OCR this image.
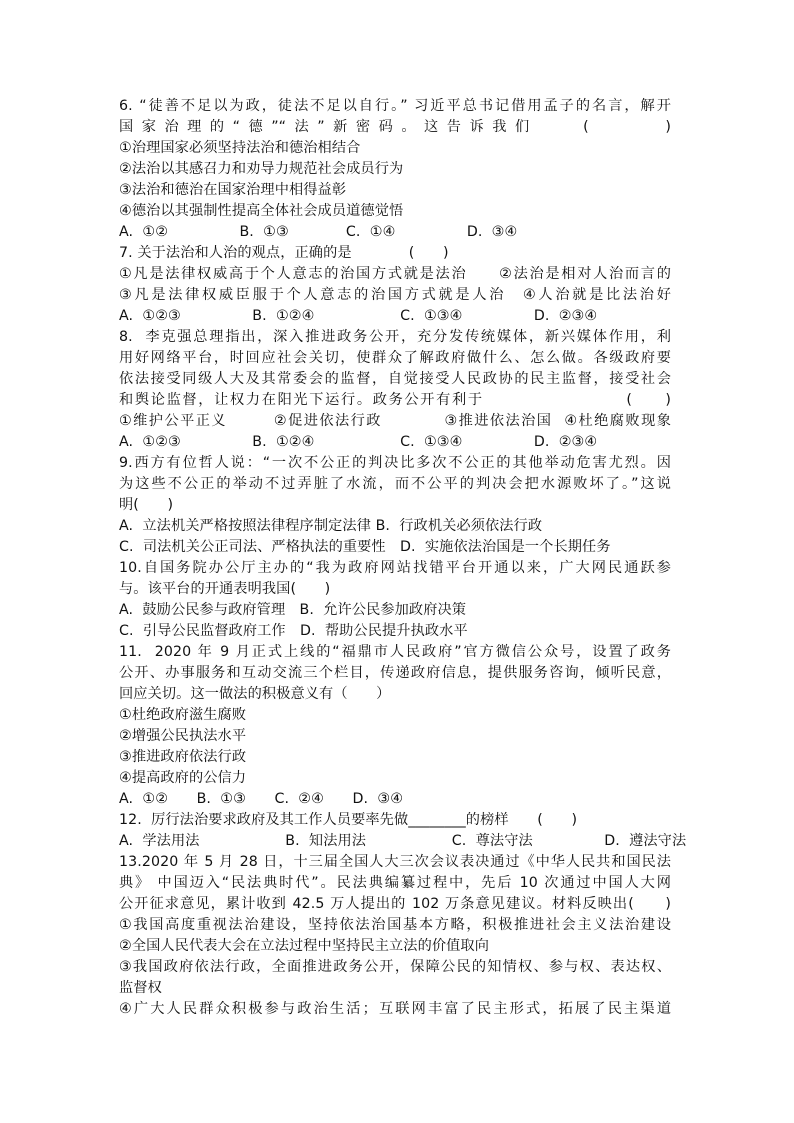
6. “徒善不足以为政，徒法不足以自行。” 习近平总书记借用孟子的名言，解开
国家治理的“德”“法”新密码。这告诉我们　　(　　　)
①治理国家必须坚持法治和德治相结合
②法治以其感召力和劝导力规范社会成员行为
③法治和德治在国家治理中相得益彰
④德治以其强制性提高全体社会成员道德觉悟
A.  ①②　　　　　B.  ①③　　　　C.  ①④　　　　　D.  ③④
7. 关于法治和人治的观点，正确的是　　　　(　　)
①凡是法律权威高于个人意志的治国方式就是法治　　②法治是相对人治而言的
③凡是法律权威臣服于个人意志的治国方式就是人治　④人治就是比法治好
A.  ①②③　　　　　B.  ①②④　　　　　　C.  ①③④　　　　　D.  ②③④
8.  李克强总理指出，深入推进政务公开，充分发传统媒体，新兴媒体作用，利
用好网络平台，时回应社会关切，使群众了解政府做什么、怎么做。各级政府要
依法接受同级人大及其常委会的监督，自觉接受人民政协的民主监督，接受社会
和舆论监督，让权力在阳光下运行。政务公开有利于　　　　　　　　　(　　)
①维护公平正义　　　②促进依法行政　　　　③推进依法治国  ④杜绝腐败现象
A.  ①②③　　　　　B.  ①②④　　　　　　C.  ①③④　　　　　D.  ②③④
9.西方有位哲人说：“一次不公正的判决比多次不公正的其他举动危害尤烈。因
为这些不公正的举动不过弄脏了水流，而不公平的判决会把水源败坏了。”这说
明(　　)
A.  立法机关严格按照法律程序制定法律 B.  行政机关必须依法行政
C.  司法机关公正司法、严格执法的重要性　D.  实施依法治国是一个长期任务
10.自国务院办公厅主办的“我为政府网站找错平台开通以来，广大网民通跃参
与。该平台的开通表明我国(　　)
A.  鼓励公民参与政府管理　B.  允许公民参加政府决策
C.  引导公民监督政府工作　D.  帮助公民提升执政水平
11.  2020 年 9 月正式上线的“福鼎市人民政府”官方微信公众号，设置了政务
公开、办事服务和互动交流三个栏目，传递政府信息，提供服务咨询，倾听民意，
回应关切。这一做法的积极意义有（　　）
①杜绝政府滋生腐败
②增强公民执法水平
③推进政府依法行政
④提高政府的公信力
A.  ①②　　B.  ①③　　C.  ②④　　D.  ③④
12.  厉行法治要求政府及其工作人员要率先做________的榜样　　(　　)
A.  学法用法　　　　　　B.  知法用法　　　　　　C.  尊法守法　　　　　D.  遵法守法
13.2020 年 5 月 28 日，十三届全国人大三次会议表决通过《中华人民共和国民法
典》 中国迈入“民法典时代”。民法典编纂过程中，先后 10 次通过中国人大网
公开征求意见，累计收到 42.5 万人提出的 102 万条意见建议。材料反映出(　　)
①我国高度重视法治建设，坚持依法治国基本方略，积极推进社会主义法治建设
②全国人民代表大会在立法过程中坚持民主立法的价值取向
③我国政府依法行政，全面推进政务公开，保障公民的知情权、参与权、表达权、
监督权
④广大人民群众积极参与政治生活；互联网丰富了民主形式，拓展了民主渠道
